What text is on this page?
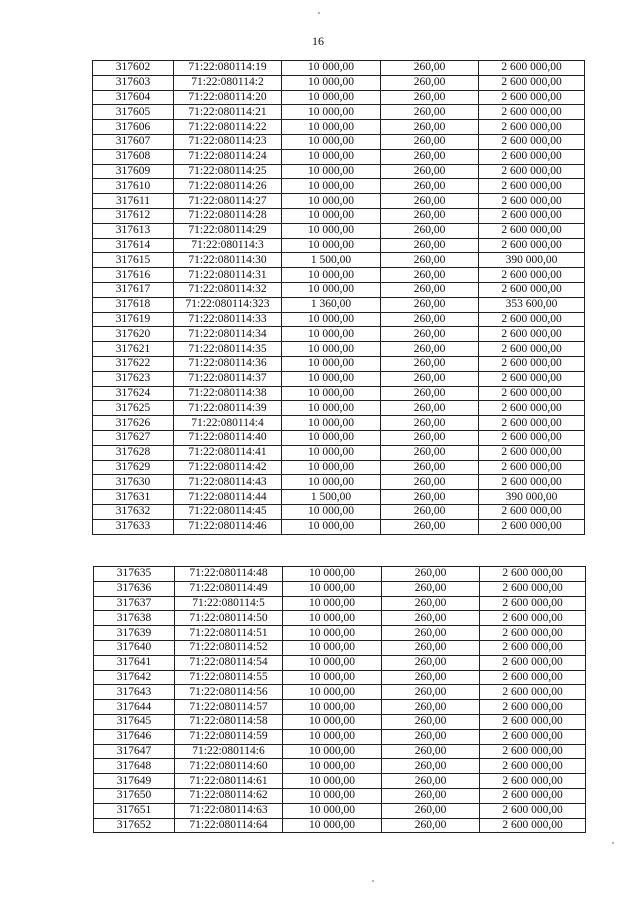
16
317602	71:22:080114:19	10 000,00	260,00	2 600 000,00
317603	71:22:080114:2	10 000,00	260,00	2 600 000,00
317604	71:22:080114:20	10 000,00	260,00	2 600 000,00
317605	71:22:080114:21	10 000,00	260,00	2 600 000,00
317606	71:22:080114:22	10 000,00	260,00	2 600 000,00
317607	71:22:080114:23	10 000,00	260,00	2 600 000,00
317608	71:22:080114:24	10 000,00	260,00	2 600 000,00
317609	71:22:080114:25	10 000,00	260,00	2 600 000,00
317610	71:22:080114:26	10 000,00	260,00	2 600 000,00
317611	71:22:080114:27	10 000,00	260,00	2 600 000,00
317612	71:22:080114:28	10 000,00	260,00	2 600 000,00
317613	71:22:080114:29	10 000,00	260,00	2 600 000,00
317614	71:22:080114:3	10 000,00	260,00	2 600 000,00
317615	71:22:080114:30	1 500,00	260,00	390 000,00
317616	71:22:080114:31	10 000,00	260,00	2 600 000,00
317617	71:22:080114:32	10 000,00	260,00	2 600 000,00
317618	71:22:080114:323	1 360,00	260,00	353 600,00
317619	71:22:080114:33	10 000,00	260,00	2 600 000,00
317620	71:22:080114:34	10 000,00	260,00	2 600 000,00
317621	71:22:080114:35	10 000,00	260,00	2 600 000,00
317622	71:22:080114:36	10 000,00	260,00	2 600 000,00
317623	71:22:080114:37	10 000,00	260,00	2 600 000,00
317624	71:22:080114:38	10 000,00	260,00	2 600 000,00
317625	71:22:080114:39	10 000,00	260,00	2 600 000,00
317626	71:22:080114:4	10 000,00	260,00	2 600 000,00
317627	71:22:080114:40	10 000,00	260,00	2 600 000,00
317628	71:22:080114:41	10 000,00	260,00	2 600 000,00
317629	71:22:080114:42	10 000,00	260,00	2 600 000,00
317630	71:22:080114:43	10 000,00	260,00	2 600 000,00
317631	71:22:080114:44	1 500,00	260,00	390 000,00
317632	71:22:080114:45	10 000,00	260,00	2 600 000,00
317633	71:22:080114:46	10 000,00	260,00	2 600 000,00
317635	71:22:080114:48	10 000,00	260,00	2 600 000,00
317636	71:22:080114:49	10 000,00	260,00	2 600 000,00
317637	71:22:080114:5	10 000,00	260,00	2 600 000,00
317638	71:22:080114:50	10 000,00	260,00	2 600 000,00
317639	71:22:080114:51	10 000,00	260,00	2 600 000,00
317640	71:22:080114:52	10 000,00	260,00	2 600 000,00
317641	71:22:080114:54	10 000,00	260,00	2 600 000,00
317642	71:22:080114:55	10 000,00	260,00	2 600 000,00
317643	71:22:080114:56	10 000,00	260,00	2 600 000,00
317644	71:22:080114:57	10 000,00	260,00	2 600 000,00
317645	71:22:080114:58	10 000,00	260,00	2 600 000,00
317646	71:22:080114:59	10 000,00	260,00	2 600 000,00
317647	71:22:080114:6	10 000,00	260,00	2 600 000,00
317648	71:22:080114:60	10 000,00	260,00	2 600 000,00
317649	71:22:080114:61	10 000,00	260,00	2 600 000,00
317650	71:22:080114:62	10 000,00	260,00	2 600 000,00
317651	71:22:080114:63	10 000,00	260,00	2 600 000,00
317652	71:22:080114:64	10 000,00	260,00	2 600 000,00
